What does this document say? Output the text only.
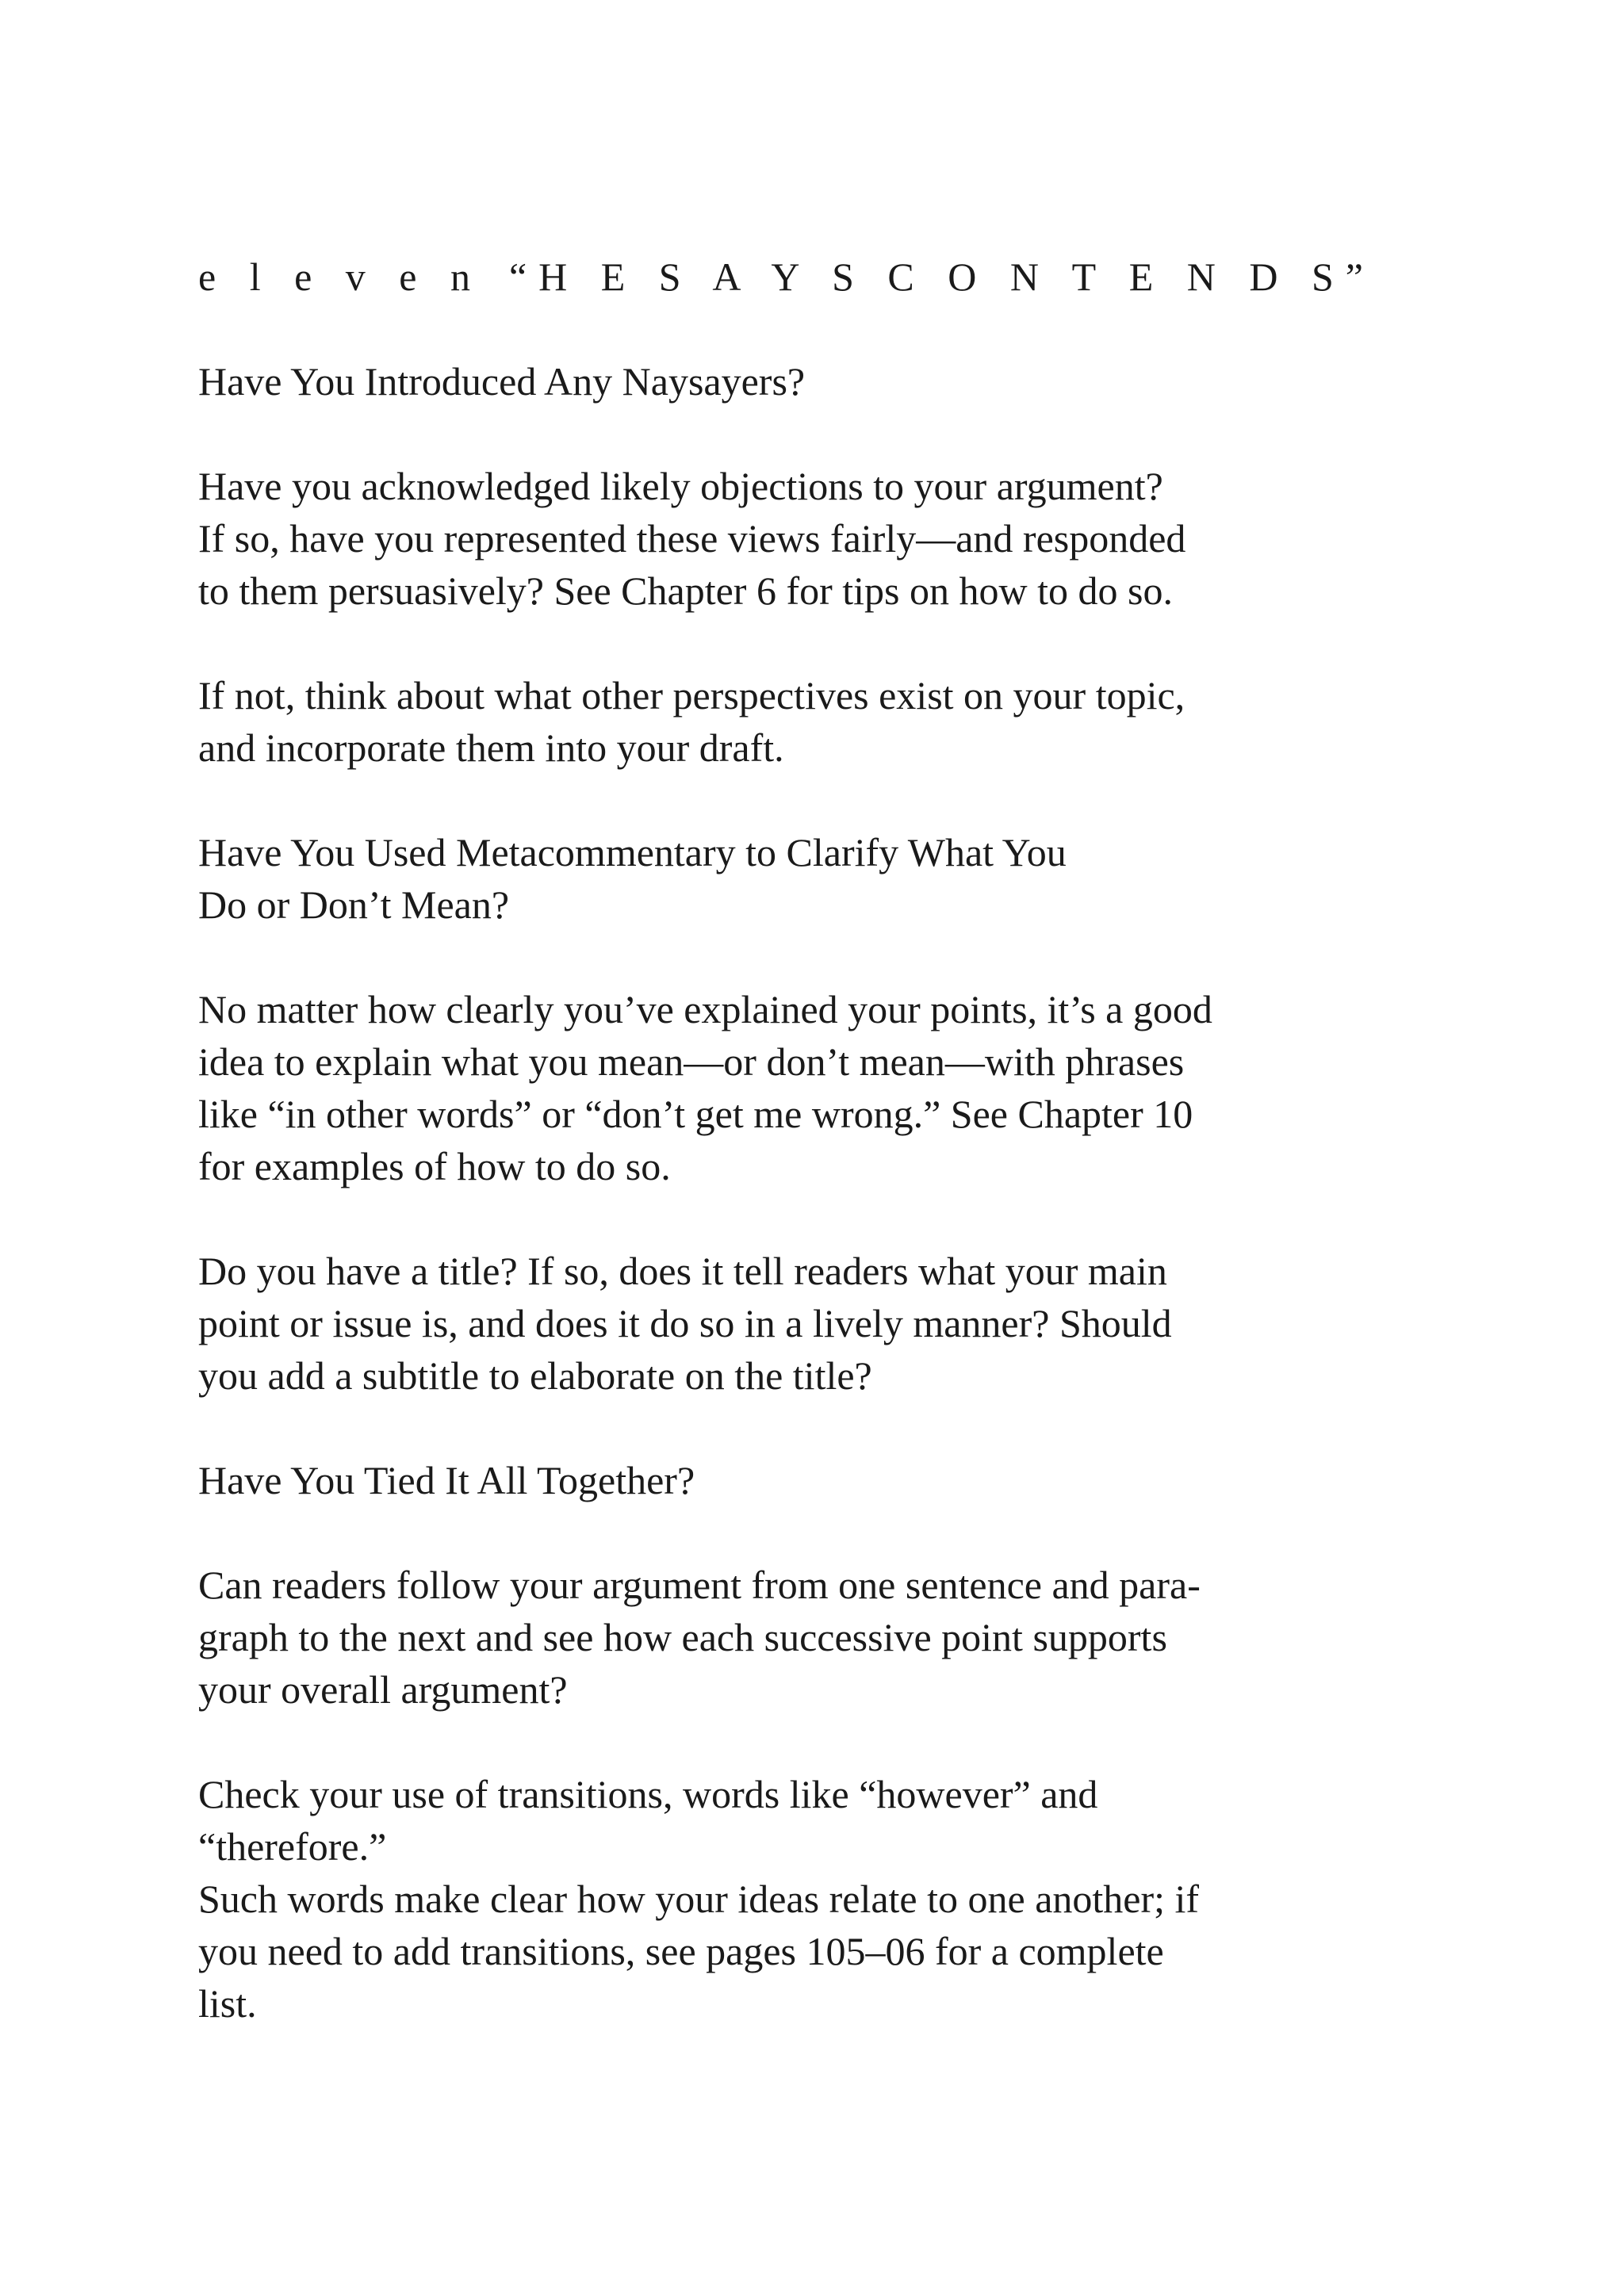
e l e v e n “H E S A Y S C O N T E N D S”
Have You Introduced Any Naysayers?
Have you acknowledged likely objections to your argument?
If so, have you represented these views fairly—and responded
to them persuasively? See Chapter 6 for tips on how to do so.
If not, think about what other perspectives exist on your topic,
and incorporate them into your draft.
Have You Used Metacommentary to Clarify What You
Do or Don’t Mean?
No matter how clearly you’ve explained your points, it’s a good
idea to explain what you mean—or don’t mean—with phrases
like “in other words” or “don’t get me wrong.” See Chapter 10
for examples of how to do so.
Do you have a title? If so, does it tell readers what your main
point or issue is, and does it do so in a lively manner? Should
you add a subtitle to elaborate on the title?
Have You Tied It All Together?
Can readers follow your argument from one sentence and para-
graph to the next and see how each successive point supports
your overall argument?
Check your use of transitions, words like “however” and
“therefore.”
Such words make clear how your ideas relate to one another; if
you need to add transitions, see pages 105–06 for a complete
list.
